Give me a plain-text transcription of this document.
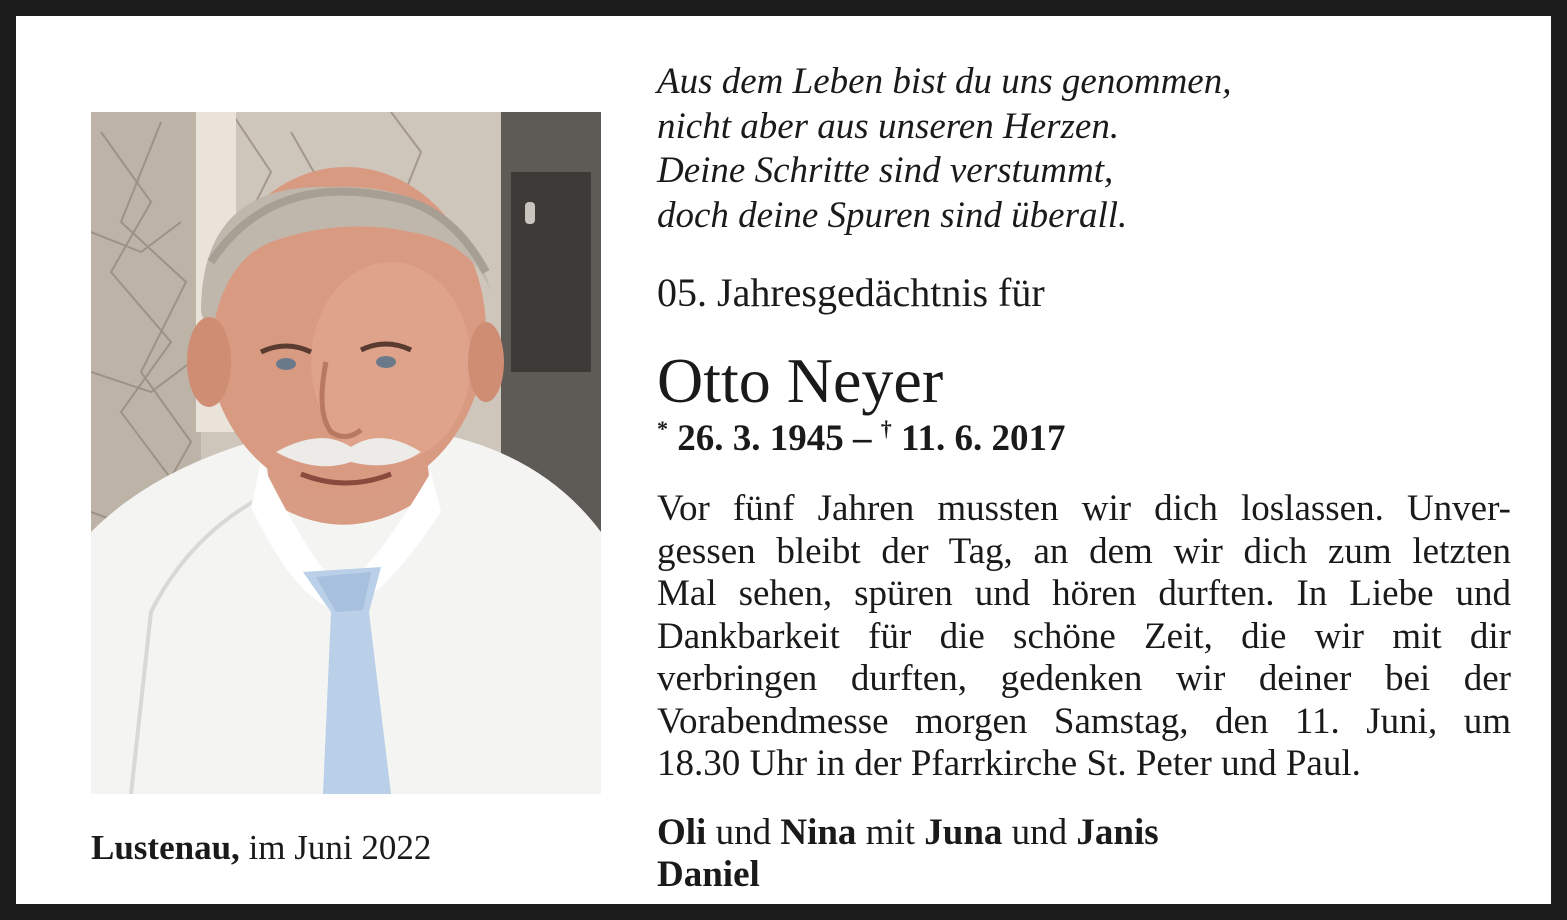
Lustenau, im Juni 2022
Aus dem Leben bist du uns genommen,
nicht aber aus unseren Herzen.
Deine Schritte sind verstummt,
doch deine Spuren sind überall.
05. Jahresgedächtnis für
Otto Neyer
* 26. 3. 1945 – † 11. 6. 2017
Vor fünf Jahren mussten wir dich loslassen. Unver-
gessen bleibt der Tag, an dem wir dich zum letzten
Mal sehen, spüren und hören durften. In Liebe und
Dankbarkeit für die schöne Zeit, die wir mit dir
verbringen durften, gedenken wir deiner bei der
Vorabendmesse morgen Samstag, den 11. Juni, um
18.30 Uhr in der Pfarrkirche St. Peter und Paul.
Oli und Nina mit Juna und Janis
Daniel
